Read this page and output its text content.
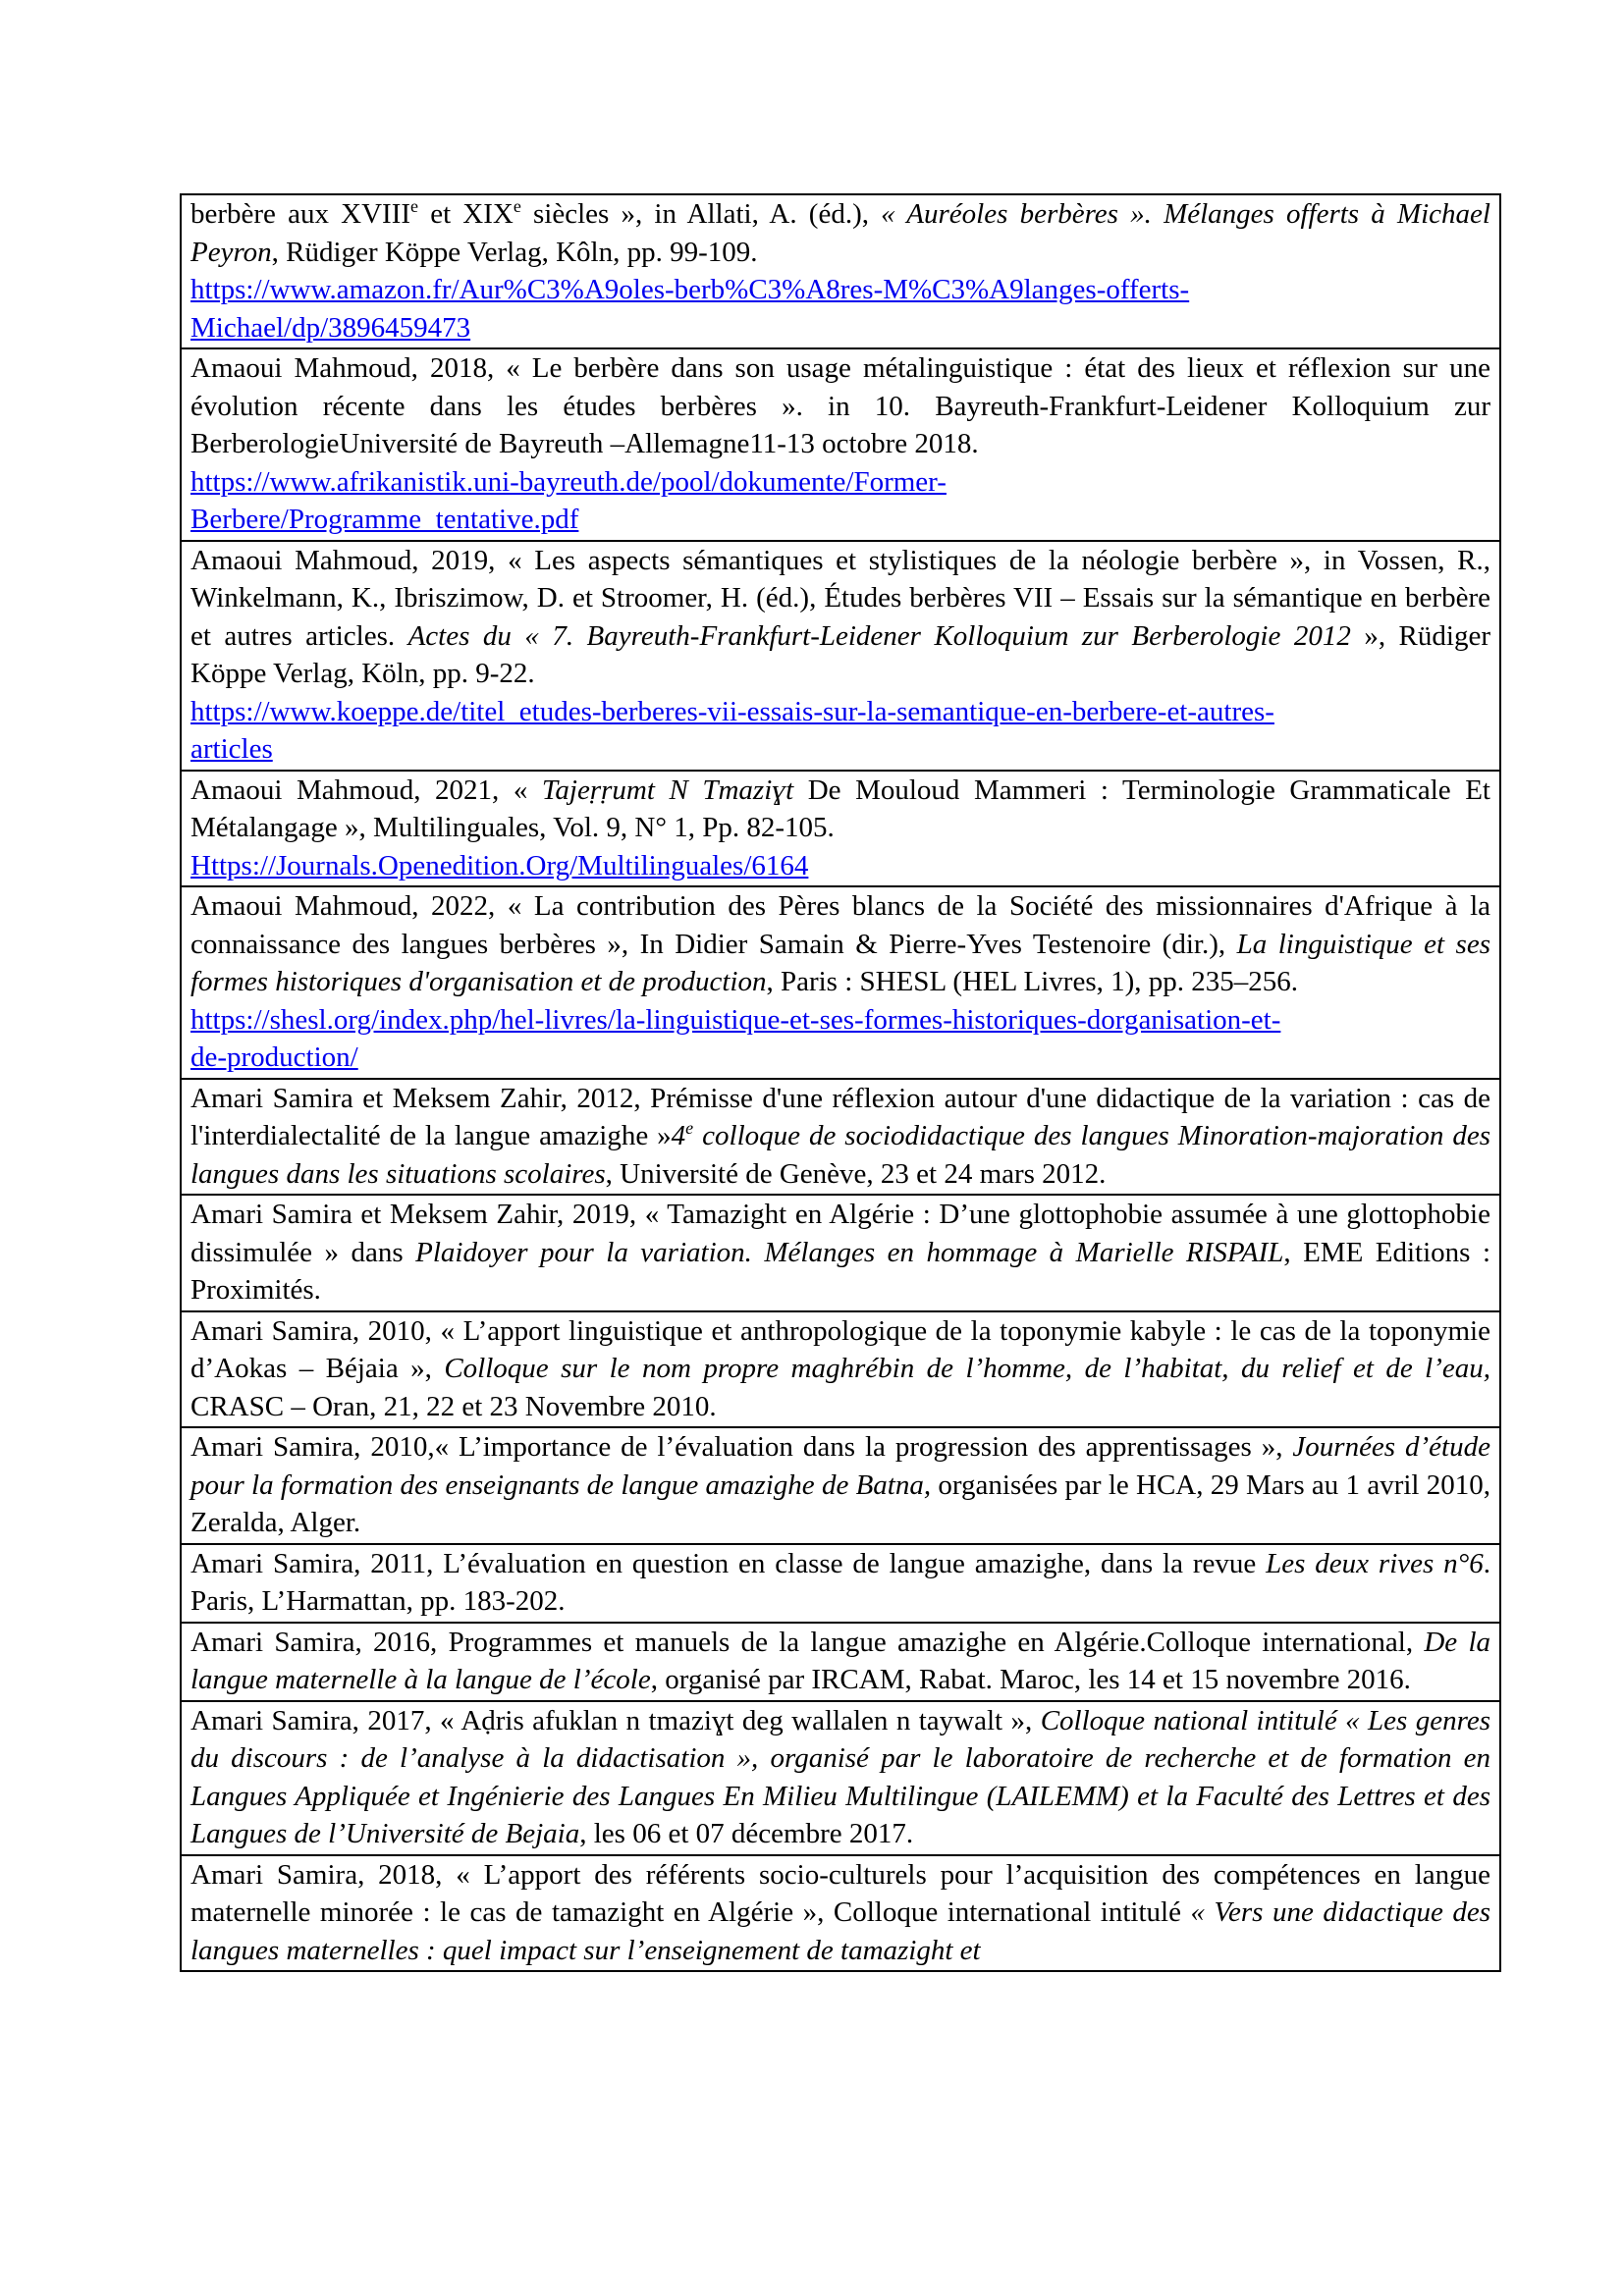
berbère aux XVIIIe et XIXe siècles », in Allati, A. (éd.), « Auréoles berbères ». Mélanges offerts à Michael Peyron, Rüdiger Köppe Verlag, Kôln, pp. 99-109.
https://www.amazon.fr/Aur%C3%A9oles-berb%C3%A8res-M%C3%A9langes-offerts-
Michael/dp/3896459473

Amaoui Mahmoud, 2018, « Le berbère dans son usage métalinguistique : état des lieux et réflexion sur une évolution récente dans les études berbères ». in 10. Bayreuth-Frankfurt-Leidener Kolloquium zur BerberologieUniversité de Bayreuth –Allemagne11-13 octobre 2018.
https://www.afrikanistik.uni-bayreuth.de/pool/dokumente/Former-
Berbere/Programme_tentative.pdf

Amaoui Mahmoud, 2019, « Les aspects sémantiques et stylistiques de la néologie berbère », in Vossen, R., Winkelmann, K., Ibriszimow, D. et Stroomer, H. (éd.), Études berbères VII – Essais sur la sémantique en berbère et autres articles. Actes du « 7. Bayreuth-Frankfurt-Leidener Kolloquium zur Berberologie 2012 », Rüdiger Köppe Verlag, Köln, pp. 9-22.
https://www.koeppe.de/titel_etudes-berberes-vii-essais-sur-la-semantique-en-berbere-et-autres-
articles

Amaoui Mahmoud, 2021, « Tajeṛṛumt N Tmaziɣt De Mouloud Mammeri : Terminologie Grammaticale Et Métalangage », Multilinguales, Vol. 9, N° 1, Pp. 82-105.
Https://Journals.Openedition.Org/Multilinguales/6164

Amaoui Mahmoud, 2022, « La contribution des Pères blancs de la Société des missionnaires d'Afrique à la connaissance des langues berbères », In Didier Samain & Pierre-Yves Testenoire (dir.), La linguistique et ses formes historiques d'organisation et de production, Paris : SHESL (HEL Livres, 1), pp. 235–256.
https://shesl.org/index.php/hel-livres/la-linguistique-et-ses-formes-historiques-dorganisation-et-
de-production/

Amari Samira et Meksem Zahir, 2012, Prémisse d'une réflexion autour d'une didactique de la variation : cas de l'interdialectalité de la langue amazighe »4e colloque de sociodidactique des langues Minoration-majoration des langues dans les situations scolaires, Université de Genève, 23 et 24 mars 2012.
Amari Samira et Meksem Zahir, 2019, « Tamazight en Algérie : D’une glottophobie assumée à une glottophobie dissimulée » dans Plaidoyer pour la variation. Mélanges en hommage à Marielle RISPAIL, EME Editions : Proximités.
Amari Samira, 2010, « L’apport linguistique et anthropologique de la toponymie kabyle : le cas de la toponymie d’Aokas – Béjaia », Colloque sur le nom propre maghrébin de l’homme, de l’habitat, du relief et de l’eau, CRASC – Oran, 21, 22 et 23 Novembre 2010.
Amari Samira, 2010,« L’importance de l’évaluation dans la progression des apprentissages », Journées d’étude pour la formation des enseignants de langue amazighe de Batna, organisées par le HCA, 29 Mars au 1 avril 2010, Zeralda, Alger.
Amari Samira, 2011, L’évaluation en question en classe de langue amazighe, dans la revue Les deux rives n°6. Paris, L’Harmattan, pp. 183-202.
Amari Samira, 2016, Programmes et manuels de la langue amazighe en Algérie.Colloque international, De la langue maternelle à la langue de l’école, organisé par IRCAM, Rabat. Maroc, les 14 et 15 novembre 2016.
Amari Samira, 2017, « Aḍris afuklan n tmaziɣt deg wallalen n taywalt », Colloque national intitulé « Les genres du discours : de l’analyse à la didactisation », organisé par le laboratoire de recherche et de formation en Langues Appliquée et Ingénierie des Langues En Milieu Multilingue (LAILEMM) et la Faculté des Lettres et des Langues de l’Université de Bejaia, les 06 et 07 décembre 2017.
Amari Samira, 2018, « L’apport des référents socio-culturels pour l’acquisition des compétences en langue maternelle minorée : le cas de tamazight en Algérie », Colloque international intitulé « Vers une didactique des langues maternelles : quel impact sur l’enseignement de tamazight et
